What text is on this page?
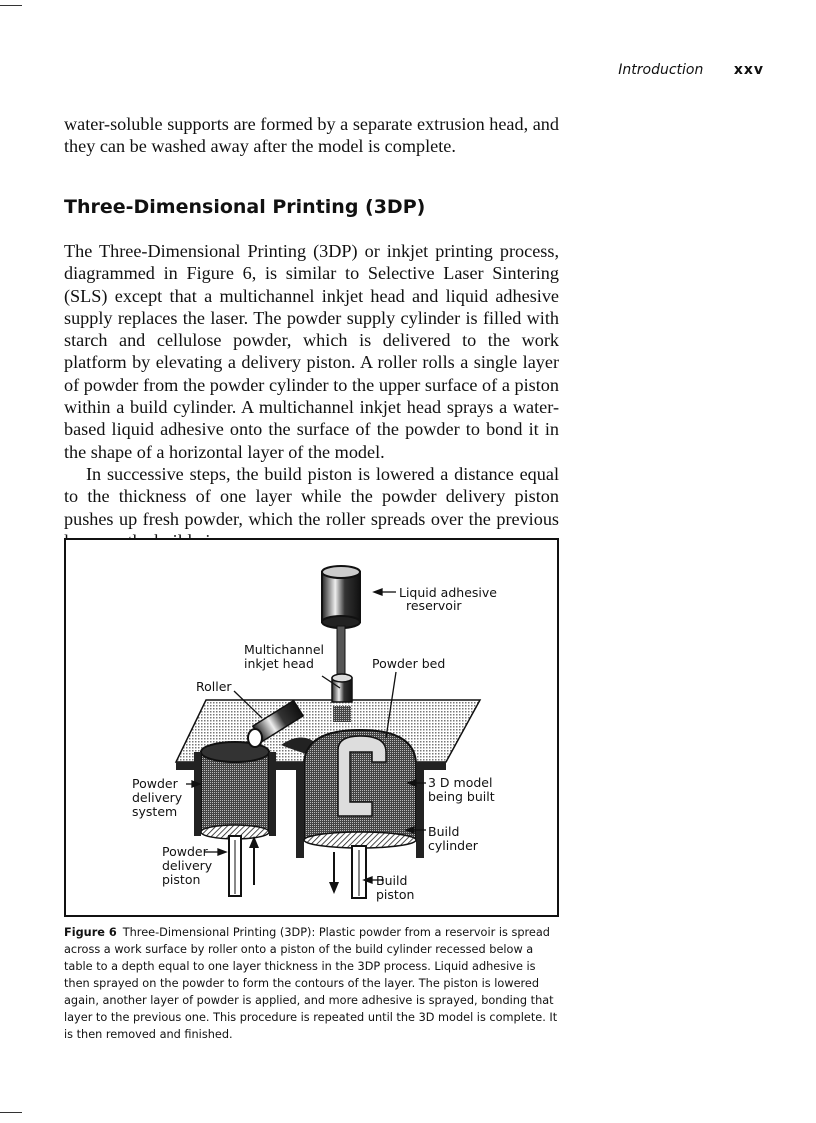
Introduction xxv

water-soluble supports are formed by a separate extrusion head, and they can be washed away after the model is complete.

Three-Dimensional Printing (3DP)

The Three-Dimensional Printing (3DP) or inkjet printing process, diagrammed in Figure 6, is similar to Selective Laser Sintering (SLS) except that a multichannel inkjet head and liquid adhesive supply replaces the laser. The powder supply cylinder is filled with starch and cellulose powder, which is delivered to the work platform by elevating a delivery piston. A roller rolls a single layer of powder from the powder cylinder to the upper surface of a piston within a build cylinder. A multichannel inkjet head sprays a water-based liquid adhesive onto the surface of the powder to bond it in the shape of a horizontal layer of the model.

In successive steps, the build piston is lowered a distance equal to the thickness of one layer while the powder delivery piston pushes up fresh powder, which the roller spreads over the previous

Liquid adhesive
reservoir
Multichannel
inkjet head	Powder bed
Roller
Powder
delivery
system
3 D model
being built
Build
cylinder
Powder
delivery
piston	Build
piston
Figure 6 Three-Dimensional Printing (3DP): Plastic powder from a reservoir is spread across a work surface by roller onto a piston of the build cylinder recessed below a table to a depth equal to one layer thickness in the 3DP process. Liquid adhesive is then sprayed on the powder to form the contours of the layer. The piston is lowered again, another layer of powder is applied, and more adhesive is sprayed, bonding that layer to the previous one. This procedure is repeated until the 3D model is complete. It is then removed and finished.
